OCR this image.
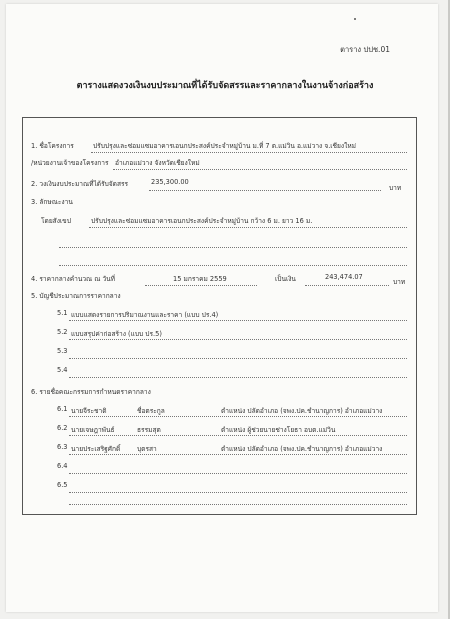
ตาราง ปปช.01
ตารางแสดงวงเงินงบประมาณที่ได้รับจัดสรรและราคากลางในงานจ้างก่อสร้าง
1. ชื่อโครงการ	ปรับปรุงและซ่อมแซมอาคารเอนกประสงค์ประจำหมู่บ้าน ม.ที่ 7 ต.แม่วิน อ.แม่วาง จ.เชียงใหม่
/หน่วยงานเจ้าของโครงการ อำเภอแม่วาง จังหวัดเชียงใหม่
2. วงเงินงบประมาณที่ได้รับจัดสรร	235,300.00
บาท
3. ลักษณะงาน
โดยสังเขป	ปรับปรุงและซ่อมแซมอาคารเอนกประสงค์ประจำหมู่บ้าน กว้าง 6 ม. ยาว 16 ม.
4. ราคากลางคำนวณ ณ วันที่	15 มกราคม 2559	เป็นเงิน	243,474.07
บาท
5. บัญชีประมาณการราคากลาง
5.1 แบบแสดงรายการปริมาณงานและราคา (แบบ ปร.4)
5.2 แบบสรุปค่าก่อสร้าง (แบบ ปร.5)
5.3
5.4
6. รายชื่อคณะกรรมการกำหนดราคากลาง
6.1 นายจีระชาติ	ชื่อตระกูล	ตำแหน่ง ปลัดอำเภอ (จพง.ปค.ชำนาญการ) อำเภอแม่วาง
6.2 นายเจษฎาพันธ์	ธรรมสุต	ตำแหน่ง ผู้ช่วยนายช่างโยธา อบต.แม่วิน
6.3 นายประเสริฐศักดิ์	บุตรสา	ตำแหน่ง ปลัดอำเภอ (จพง.ปค.ชำนาญการ) อำเภอแม่วาง
6.4
6.5
